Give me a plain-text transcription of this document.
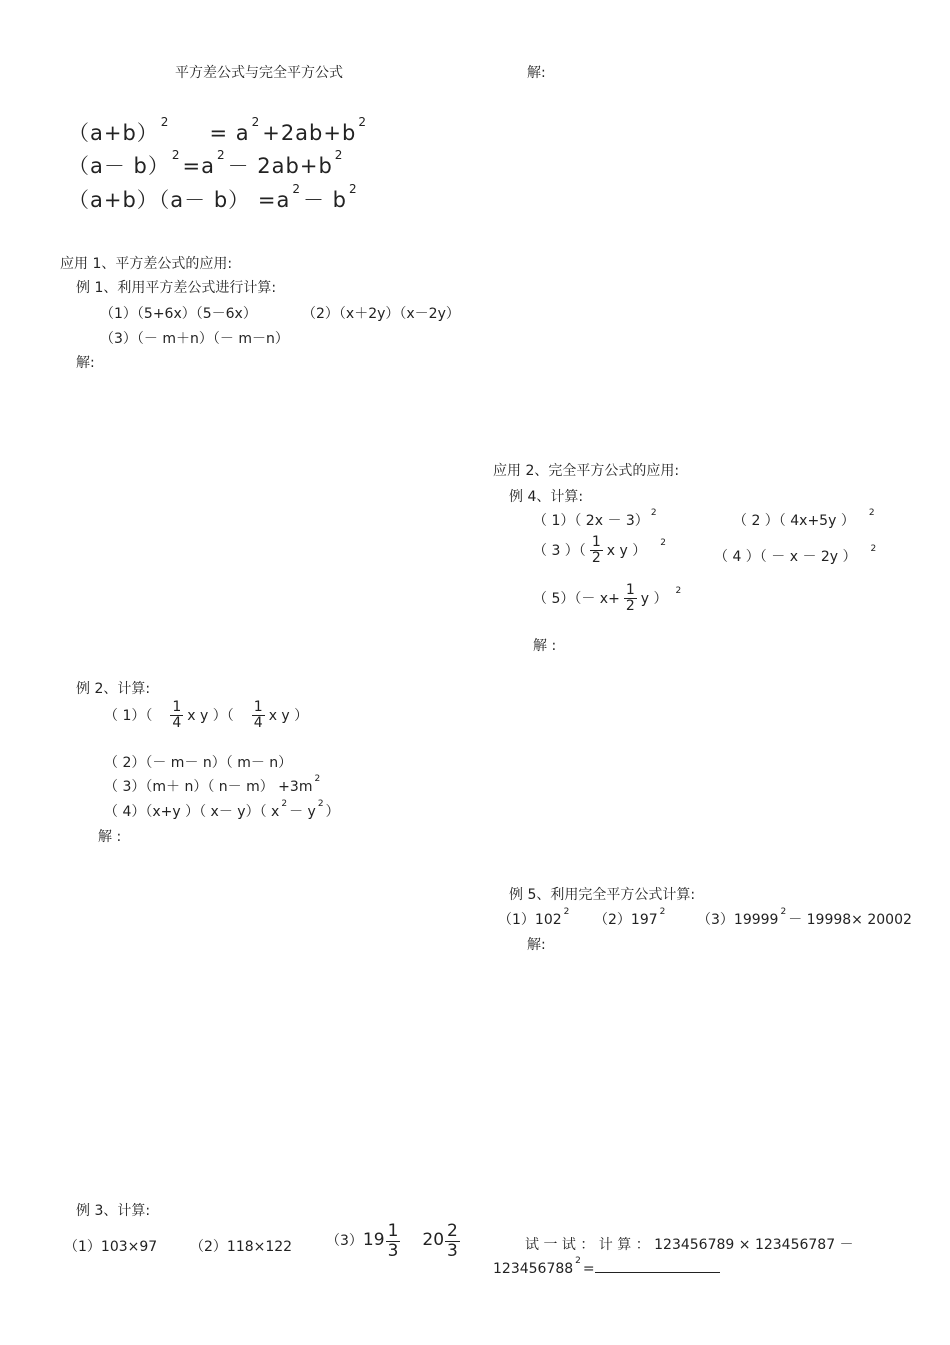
平方差公式与完全平方公式	解:
（a+b） $^2$ = a $^2$+2ab+b $^2$
（a－ b） $^2$=a $^2$－ 2ab+b $^2$
（a+b）（a－ b） =a $^2$－ b $^2$
应用 1、平方差公式的应用:
例 1、利用平方差公式进行计算:
（1）（5+6x）（5－6x）	（2）（x＋2y）（x－2y）
（3）（－ m＋n）（－ m－n）
解:
应用 2、完全平方公式的应用:
例 4、计算:
（ 1）（ 2x － 3） $^2$	（ 2 ）（ 4x+5y ） $^2$
（ 3 ）（ $\frac{1}{2}$ x y ） $^2$
（ 4 ）（ － x － 2y ） $^2$
（ $5)(- x+ \frac{1}{2}$ y ） $^2$
解 :
例 2、计算:
（ $1)( \frac{1}{4}$ x y ）（ $\frac{1}{4}$ x y ）
（ 2）（－ m－ n）（ m－ n）
（ 3）（m＋ n）（ n－ m） +3m $^2$
（ 4）（x+y ）（ x－ y）（ x $^2$ － y $^2$ ）
解 :
例 5、利用完全平方公式计算:
（1）102 $^2$ （2）197 $^2$ （3）19999 $^2$ － 19998× 20002
解:
例 3、计算:
（1）103×97 （2）118×122 $(3)19 \frac{1}{3} 20 \frac{2}{3}$	试 一 试 ： 计 算 ： 123456789 × 123456787 －
123456788 $^2$ =
